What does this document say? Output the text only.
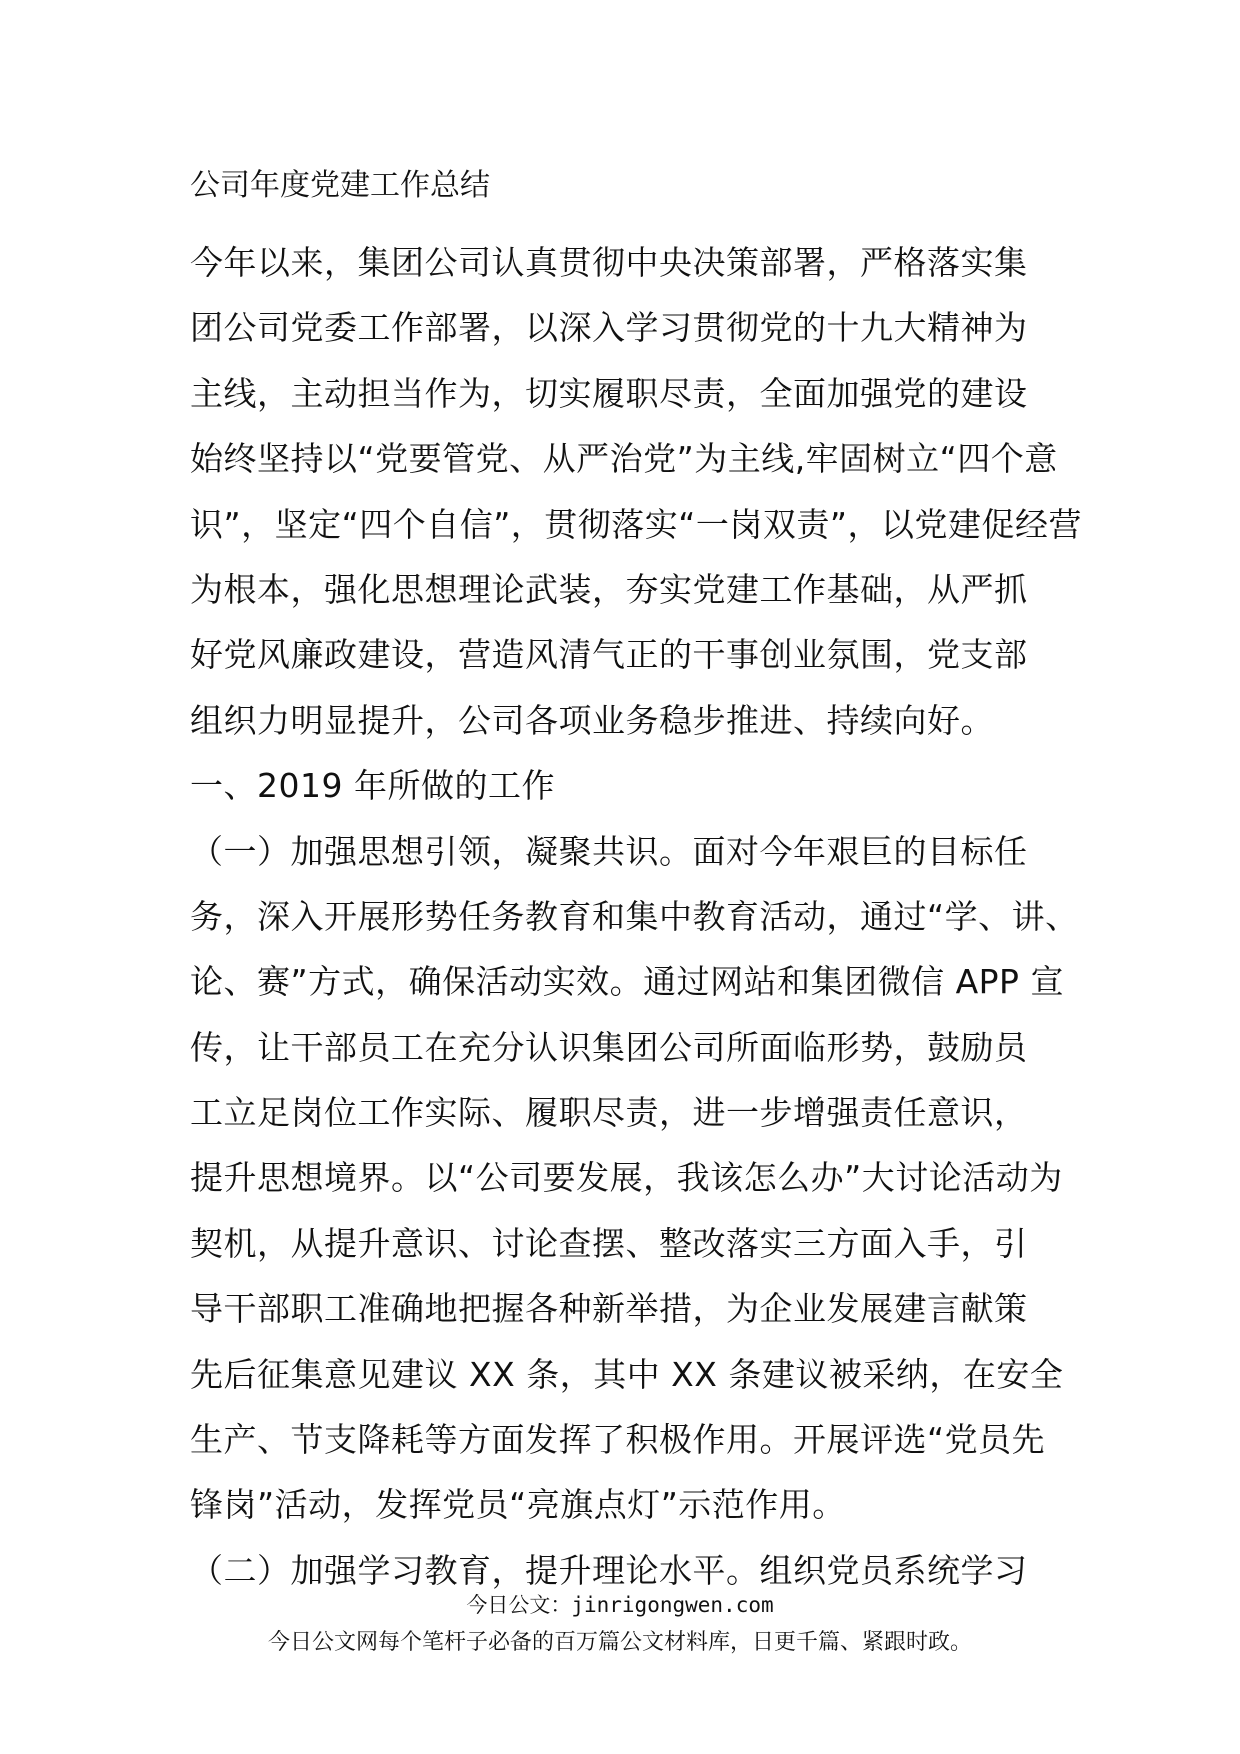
公司年度党建工作总结
今年以来，集团公司认真贯彻中央决策部署，严格落实集
团公司党委工作部署，以深入学习贯彻党的十九大精神为
主线，主动担当作为，切实履职尽责，全面加强党的建设
始终坚持以“党要管党、从严治党”为主线,牢固树立“四个意
识”，坚定“四个自信”，贯彻落实“一岗双责”，以党建促经营
为根本，强化思想理论武装，夯实党建工作基础，从严抓
好党风廉政建设，营造风清气正的干事创业氛围，党支部
组织力明显提升，公司各项业务稳步推进、持续向好。
一、2019 年所做的工作
（一）加强思想引领，凝聚共识。面对今年艰巨的目标任
务，深入开展形势任务教育和集中教育活动，通过“学、讲、
论、赛”方式，确保活动实效。通过网站和集团微信 APP 宣
传，让干部员工在充分认识集团公司所面临形势，鼓励员
工立足岗位工作实际、履职尽责，进一步增强责任意识，
提升思想境界。以“公司要发展，我该怎么办”大讨论活动为
契机，从提升意识、讨论查摆、整改落实三方面入手，引
导干部职工准确地把握各种新举措，为企业发展建言献策
先后征集意见建议 XX 条，其中 XX 条建议被采纳，在安全
生产、节支降耗等方面发挥了积极作用。开展评选“党员先
锋岗”活动，发挥党员“亮旗点灯”示范作用。
（二）加强学习教育，提升理论水平。组织党员系统学习
今日公文：jinrigongwen.com
今日公文网每个笔杆子必备的百万篇公文材料库，日更千篇、紧跟时政。
